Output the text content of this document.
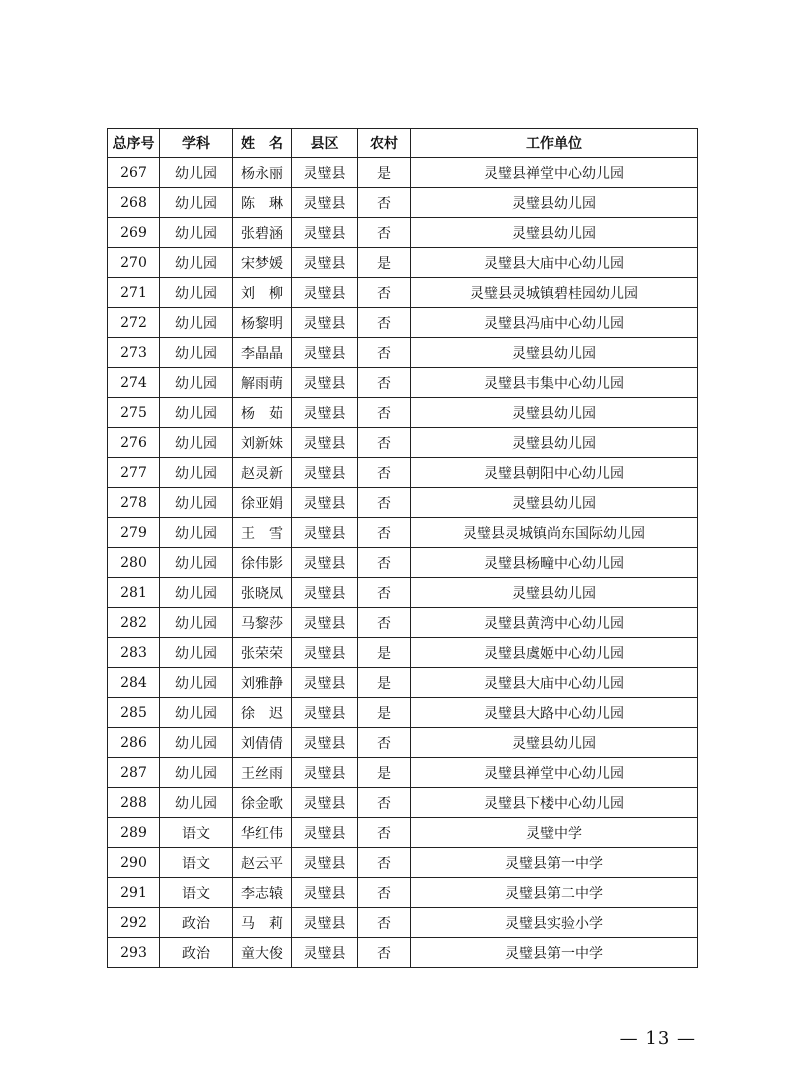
总序号	学科	姓　名	县区	农村	工作单位
267	幼儿园	杨永丽	灵璧县	是	灵璧县禅堂中心幼儿园
268	幼儿园	陈　琳	灵璧县	否	灵璧县幼儿园
269	幼儿园	张碧涵	灵璧县	否	灵璧县幼儿园
270	幼儿园	宋梦媛	灵璧县	是	灵璧县大庙中心幼儿园
271	幼儿园	刘　柳	灵璧县	否	灵璧县灵城镇碧桂园幼儿园
272	幼儿园	杨黎明	灵璧县	否	灵璧县冯庙中心幼儿园
273	幼儿园	李晶晶	灵璧县	否	灵璧县幼儿园
274	幼儿园	解雨萌	灵璧县	否	灵璧县韦集中心幼儿园
275	幼儿园	杨　茹	灵璧县	否	灵璧县幼儿园
276	幼儿园	刘新妹	灵璧县	否	灵璧县幼儿园
277	幼儿园	赵灵新	灵璧县	否	灵璧县朝阳中心幼儿园
278	幼儿园	徐亚娟	灵璧县	否	灵璧县幼儿园
279	幼儿园	王　雪	灵璧县	否	灵璧县灵城镇尚东国际幼儿园
280	幼儿园	徐伟影	灵璧县	否	灵璧县杨疃中心幼儿园
281	幼儿园	张晓凤	灵璧县	否	灵璧县幼儿园
282	幼儿园	马黎莎	灵璧县	否	灵璧县黄湾中心幼儿园
283	幼儿园	张荣荣	灵璧县	是	灵璧县虞姬中心幼儿园
284	幼儿园	刘雅静	灵璧县	是	灵璧县大庙中心幼儿园
285	幼儿园	徐　迟	灵璧县	是	灵璧县大路中心幼儿园
286	幼儿园	刘倩倩	灵璧县	否	灵璧县幼儿园
287	幼儿园	王丝雨	灵璧县	是	灵璧县禅堂中心幼儿园
288	幼儿园	徐金歌	灵璧县	否	灵璧县下楼中心幼儿园
289	语文	华红伟	灵璧县	否	灵璧中学
290	语文	赵云平	灵璧县	否	灵璧县第一中学
291	语文	李志辕	灵璧县	否	灵璧县第二中学
292	政治	马　莉	灵璧县	否	灵璧县实验小学
293	政治	童大俊	灵璧县	否	灵璧县第一中学
— 13 —
